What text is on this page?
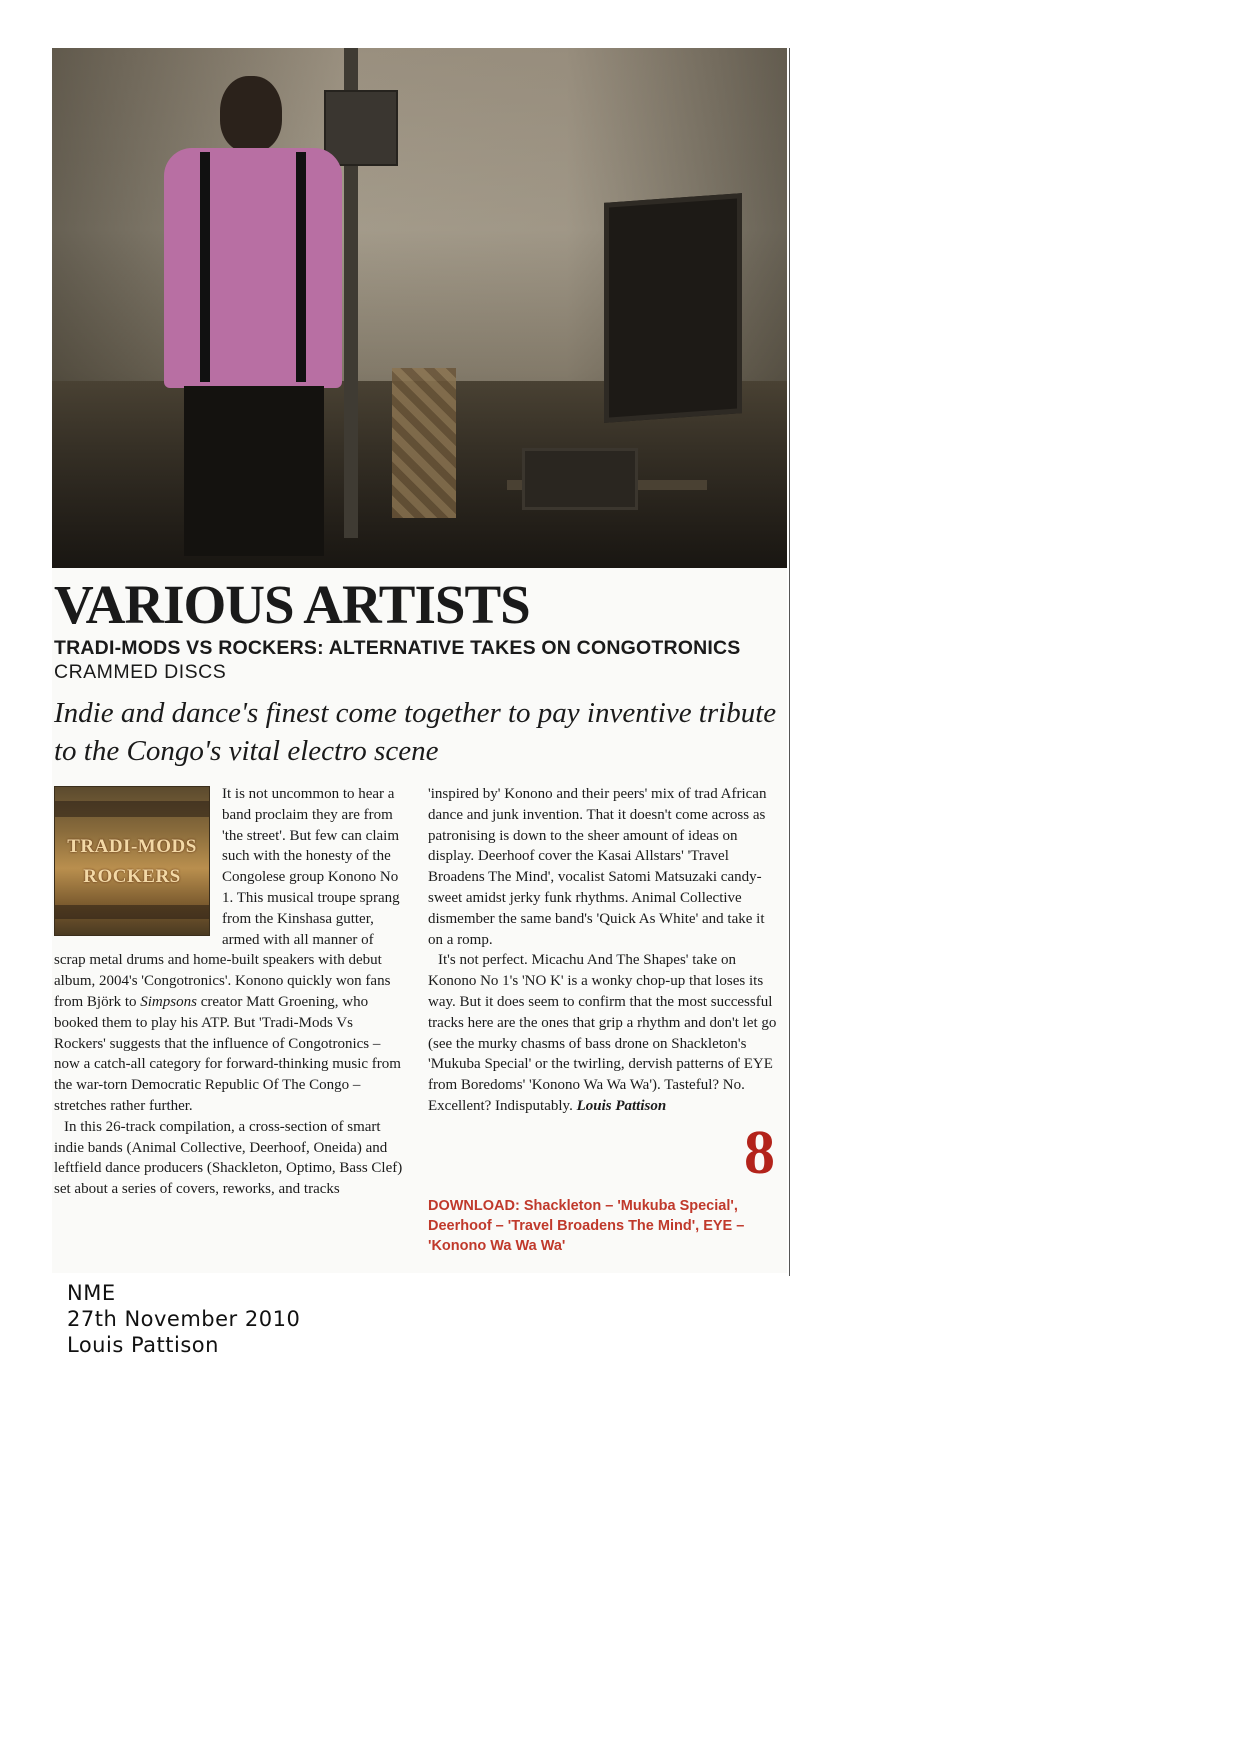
VARIOUS ARTISTS

TRADI-MODS VS ROCKERS: ALTERNATIVE TAKES ON CONGOTRONICS CRAMMED DISCS

Indie and dance's finest come together to pay inventive tribute to the Congo's vital electro scene

TRADI-MODS
ROCKERS

It is not uncommon to hear a band proclaim they are from 'the street'. But few can claim such with the honesty of the Congolese group Konono No 1. This musical troupe sprang from the Kinshasa gutter, armed with all manner of scrap metal drums and home-built speakers with debut album, 2004's 'Congotronics'. Konono quickly won fans from Björk to Simpsons creator Matt Groening, who booked them to play his ATP. But 'Tradi-Mods Vs Rockers' suggests that the influence of Congotronics – now a catch-all category for forward-thinking music from the war-torn Democratic Republic Of The Congo – stretches rather further.

In this 26-track compilation, a cross-section of smart indie bands (Animal Collective, Deerhoof, Oneida) and leftfield dance producers (Shackleton, Optimo, Bass Clef) set about a series of covers, reworks, and tracks

'inspired by' Konono and their peers' mix of trad African dance and junk invention. That it doesn't come across as patronising is down to the sheer amount of ideas on display. Deerhoof cover the Kasai Allstars' 'Travel Broadens The Mind', vocalist Satomi Matsuzaki candy-sweet amidst jerky funk rhythms. Animal Collective dismember the same band's 'Quick As White' and take it on a romp.

It's not perfect. Micachu And The Shapes' take on Konono No 1's 'NO K' is a wonky chop-up that loses its way. But it does seem to confirm that the most successful tracks here are the ones that grip a rhythm and don't let go (see the murky chasms of bass drone on Shackleton's 'Mukuba Special' or the twirling, dervish patterns of EYE from Boredoms' 'Konono Wa Wa Wa'). Tasteful? No. Excellent? Indisputably. Louis Pattison

8

DOWNLOAD: Shackleton – 'Mukuba Special', Deerhoof – 'Travel Broadens The Mind', EYE – 'Konono Wa Wa Wa'

NME
27th November 2010
Louis Pattison
